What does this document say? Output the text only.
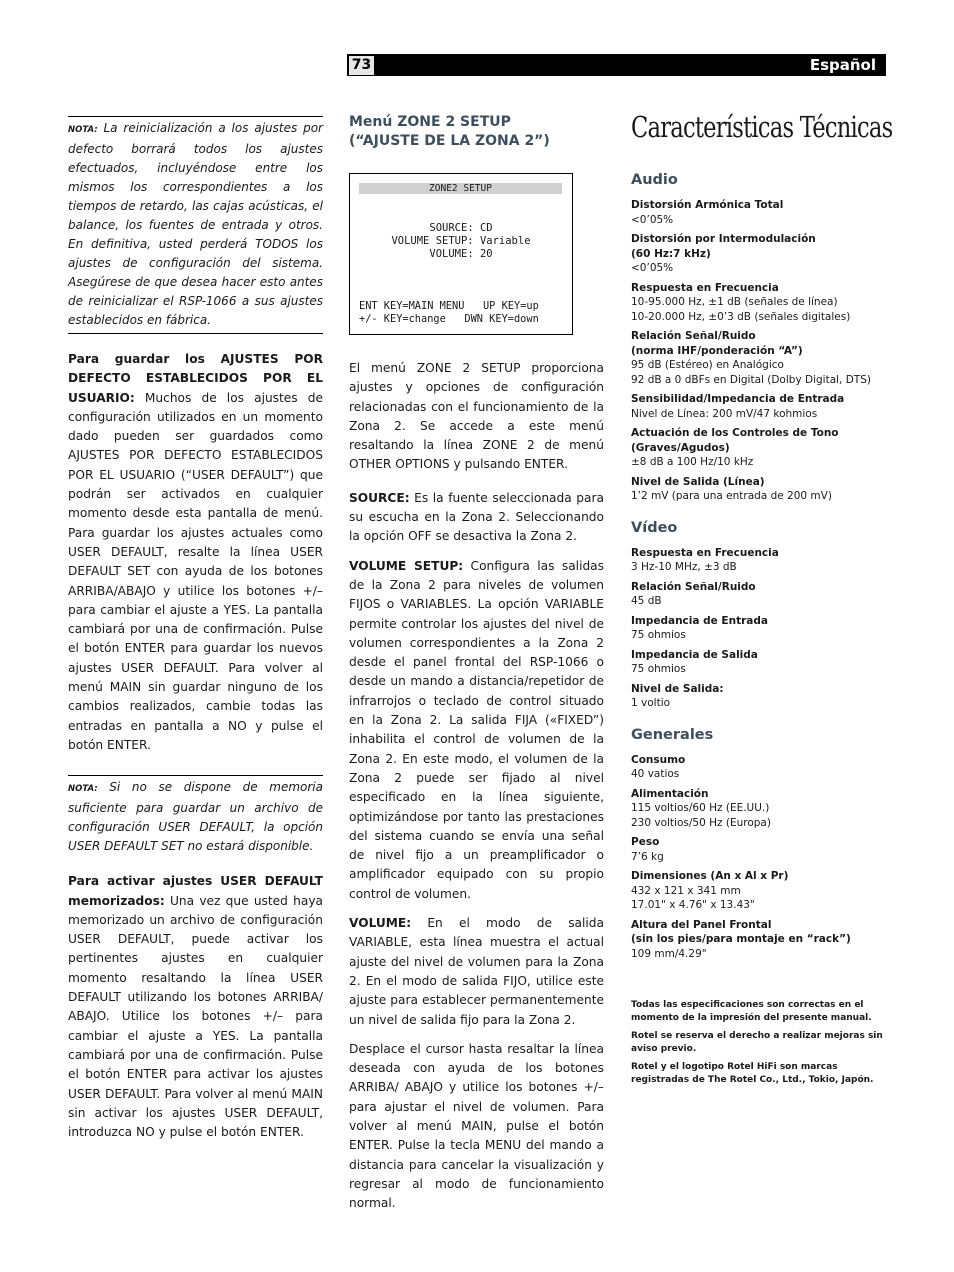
73	Español
NOTA: La reinicialización a los ajustes por defecto borrará todos los ajustes efectuados, incluyéndose entre los mismos los correspondientes a los tiempos de retardo, las cajas acústicas, el balance, los fuentes de entrada y otros. En definitiva, usted perderá TODOS los ajustes de configuración del sistema. Asegúrese de que desea hacer esto antes de reinicializar el RSP-1066 a sus ajustes establecidos en fábrica.

Para guardar los AJUSTES POR DEFECTO ESTABLECIDOS POR EL USUARIO: Muchos de los ajustes de configuración utilizados en un momento dado pueden ser guardados como AJUSTES POR DEFECTO ESTABLECIDOS POR EL USUARIO (“USER DEFAULT”) que podrán ser activados en cualquier momento desde esta pantalla de menú. Para guardar los ajustes actuales como USER DEFAULT, resalte la línea USER DEFAULT SET con ayuda de los botones ARRIBA/ABAJO y utilice los botones +/– para cambiar el ajuste a YES. La pantalla cambiará por una de confirmación. Pulse el botón ENTER para guardar los nuevos ajustes USER DEFAULT. Para volver al menú MAIN sin guardar ninguno de los cambios realizados, cambie todas las entradas en pantalla a NO y pulse el botón ENTER.

NOTA: Si no se dispone de memoria suficiente para guardar un archivo de configuración USER DEFAULT, la opción USER DEFAULT SET no estará disponible.

Para activar ajustes USER DEFAULT memorizados: Una vez que usted haya memorizado un archivo de configuración USER DEFAULT, puede activar los pertinentes ajustes en cualquier momento resaltando la línea USER DEFAULT utilizando los botones ARRIBA/ ABAJO. Utilice los botones +/– para cambiar el ajuste a YES. La pantalla cambiará por una de confirmación. Pulse el botón ENTER para activar los ajustes USER DEFAULT. Para volver al menú MAIN sin activar los ajustes USER DEFAULT, introduzca NO y pulse el botón ENTER.

Menú ZONE 2 SETUP
(“AJUSTE DE LA ZONA 2”)
ZONE2 SETUP
SOURCE: CD
VOLUME SETUP: Variable
VOLUME: 20
ENT KEY=MAIN MENU   UP KEY=up
+/- KEY=change   DWN KEY=down

El menú ZONE 2 SETUP proporciona ajustes y opciones de configuración relacionadas con el funcionamiento de la Zona 2. Se accede a este menú resaltando la línea ZONE 2 de menú OTHER OPTIONS y pulsando ENTER.

SOURCE: Es la fuente seleccionada para su escucha en la Zona 2. Seleccionando la opción OFF se desactiva la Zona 2.

VOLUME SETUP: Configura las salidas de la Zona 2 para niveles de volumen FIJOS o VARIABLES. La opción VARIABLE permite controlar los ajustes del nivel de volumen correspondientes a la Zona 2 desde el panel frontal del RSP-1066 o desde un mando a distancia/repetidor de infrarrojos o teclado de control situado en la Zona 2. La salida FIJA («FIXED”) inhabilita el control de volumen de la Zona 2. En este modo, el volumen de la Zona 2 puede ser fijado al nivel especificado en la línea siguiente, optimizándose por tanto las prestaciones del sistema cuando se envía una señal de nivel fijo a un preamplificador o amplificador equipado con su propio control de volumen.

VOLUME: En el modo de salida VARIABLE, esta línea muestra el actual ajuste del nivel de volumen para la Zona 2. En el modo de salida FIJO, utilice este ajuste para establecer permanentemente un nivel de salida fijo para la Zona 2.

Desplace el cursor hasta resaltar la línea deseada con ayuda de los botones ARRIBA/ ABAJO y utilice los botones +/– para ajustar el nivel de volumen. Para volver al menú MAIN, pulse el botón ENTER. Pulse la tecla MENU del mando a distancia para cancelar la visualización y regresar al modo de funcionamiento normal.

Características Técnicas
Audio
Distorsión Armónica Total
<0’05%
Distorsión por Intermodulación
(60 Hz:7 kHz)
<0’05%
Respuesta en Frecuencia
10-95.000 Hz, ±1 dB (señales de línea)
10-20.000 Hz, ±0’3 dB (señales digitales)
Relación Señal/Ruido
(norma IHF/ponderación “A”)
95 dB (Estéreo) en Analógico
92 dB a 0 dBFs en Digital (Dolby Digital, DTS)
Sensibilidad/Impedancia de Entrada
Nivel de Línea: 200 mV/47 kohmios
Actuación de los Controles de Tono
(Graves/Agudos)
±8 dB a 100 Hz/10 kHz
Nivel de Salida (Línea)
1’2 mV (para una entrada de 200 mV)
Vídeo
Respuesta en Frecuencia
3 Hz-10 MHz, ±3 dB
Relación Señal/Ruido
45 dB
Impedancia de Entrada
75 ohmios
Impedancia de Salida
75 ohmios
Nivel de Salida:
1 voltio
Generales
Consumo
40 vatios
Alimentación
115 voltios/60 Hz (EE.UU.)
230 voltios/50 Hz (Europa)
Peso
7’6 kg
Dimensiones (An x Al x Pr)
432 x 121 x 341 mm
17.01" x 4.76" x 13.43"
Altura del Panel Frontal
(sin los pies/para montaje en “rack”)
109 mm/4.29"
Todas las especificaciones son correctas en el momento de la impresión del presente manual.
Rotel se reserva el derecho a realizar mejoras sin aviso previo.
Rotel y el logotipo Rotel HiFi son marcas registradas de The Rotel Co., Ltd., Tokio, Japón.
